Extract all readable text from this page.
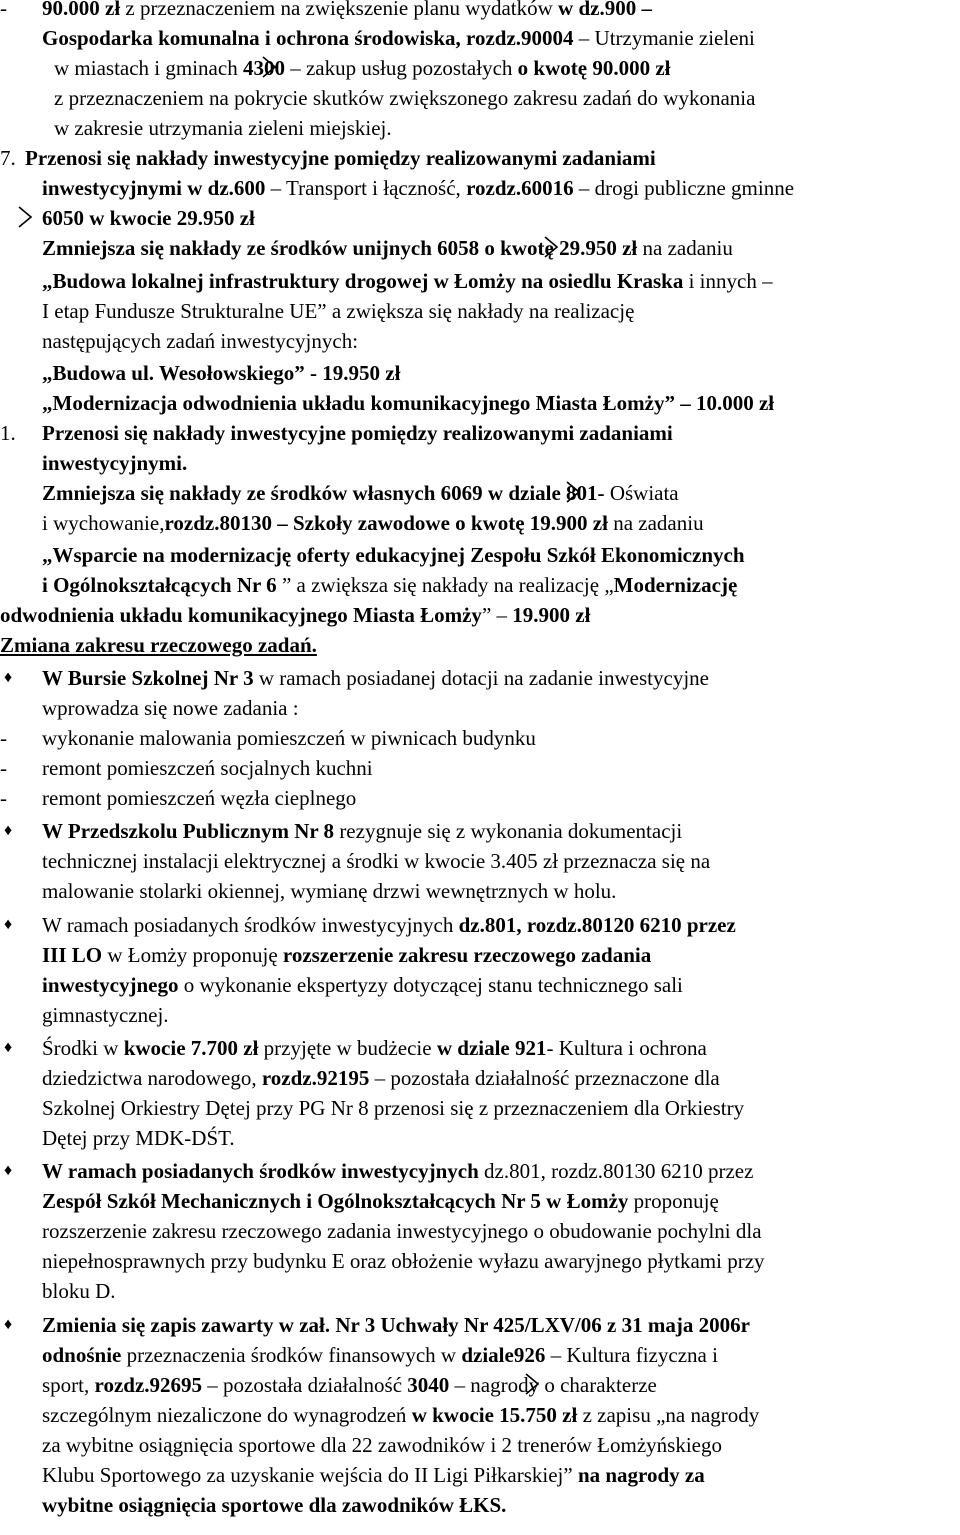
- 90.000 zł z przeznaczeniem na zwiększenie planu wydatków w dz.900 –
Gospodarka komunalna i ochrona środowiska, rozdz.90004 – Utrzymanie zieleni
w miastach i gminach 4300 – zakup usług pozostałych o kwotę 90.000 zł
z przeznaczeniem na pokrycie skutków zwiększonego zakresu zadań do wykonania
w zakresie utrzymania zieleni miejskiej.
7. Przenosi się nakłady inwestycyjne pomiędzy realizowanymi zadaniami
inwestycyjnymi w dz.600 – Transport i łączność, rozdz.60016 – drogi publiczne gminne
6050 w kwocie 29.950 zł
Zmniejsza się nakłady ze środków unijnych 6058 o kwotę 29.950 zł na zadaniu
„Budowa lokalnej infrastruktury drogowej w Łomży na osiedlu Kraska i innych –
I etap Fundusze Strukturalne UE” a zwiększa się nakłady na realizację
następujących zadań inwestycyjnych:
„Budowa ul. Wesołowskiego” - 19.950 zł
„Modernizacja odwodnienia układu komunikacyjnego Miasta Łomży” – 10.000 zł
1. Przenosi się nakłady inwestycyjne pomiędzy realizowanymi zadaniami
inwestycyjnymi.
Zmniejsza się nakłady ze środków własnych 6069 w dziale 801- Oświata
i wychowanie,rozdz.80130 – Szkoły zawodowe o kwotę 19.900 zł na zadaniu
„Wsparcie na modernizację oferty edukacyjnej Zespołu Szkół Ekonomicznych
i Ogólnokształcących Nr 6 ” a zwiększa się nakłady na realizację „Modernizację
odwodnienia układu komunikacyjnego Miasta Łomży” – 19.900 zł
Zmiana zakresu rzeczowego zadań.
W Bursie Szkolnej Nr 3 w ramach posiadanej dotacji na zadanie inwestycyjne
wprowadza się nowe zadania :
wykonanie malowania pomieszczeń w piwnicach budynku
remont pomieszczeń socjalnych kuchni
remont pomieszczeń węzła cieplnego
W Przedszkolu Publicznym Nr 8 rezygnuje się z wykonania dokumentacji
technicznej instalacji elektrycznej a środki w kwocie 3.405 zł przeznacza się na
malowanie stolarki okiennej, wymianę drzwi wewnętrznych w holu.
W ramach posiadanych środków inwestycyjnych dz.801, rozdz.80120 6210 przez
III LO w Łomży proponuję rozszerzenie zakresu rzeczowego zadania
inwestycyjnego o wykonanie ekspertyzy dotyczącej stanu technicznego sali
gimnastycznej.
Środki w kwocie 7.700 zł przyjęte w budżecie w dziale 921- Kultura i ochrona
dziedzictwa narodowego, rozdz.92195 – pozostała działalność przeznaczone dla
Szkolnej Orkiestry Dętej przy PG Nr 8 przenosi się z przeznaczeniem dla Orkiestry
Dętej przy MDK-DŚT.
W ramach posiadanych środków inwestycyjnych dz.801, rozdz.80130 6210 przez
Zespół Szkół Mechanicznych i Ogólnokształcących Nr 5 w Łomży proponuję
rozszerzenie zakresu rzeczowego zadania inwestycyjnego o obudowanie pochylni dla
niepełnosprawnych przy budynku E oraz obłożenie wyłazu awaryjnego płytkami przy
bloku D.
Zmienia się zapis zawarty w zał. Nr 3 Uchwały Nr 425/LXV/06 z 31 maja 2006r
odnośnie przeznaczenia środków finansowych w dziale926 – Kultura fizyczna i
sport, rozdz.92695 – pozostała działalność 3040 – nagrody o charakterze
szczególnym niezaliczone do wynagrodzeń w kwocie 15.750 zł z zapisu „na nagrody
za wybitne osiągnięcia sportowe dla 22 zawodników i 2 trenerów Łomżyńskiego
Klubu Sportowego za uzyskanie wejścia do II Ligi Piłkarskiej” na nagrody za
wybitne osiągnięcia sportowe dla zawodników ŁKS.
♦
-
-
-
♦
♦
♦
♦
♦
